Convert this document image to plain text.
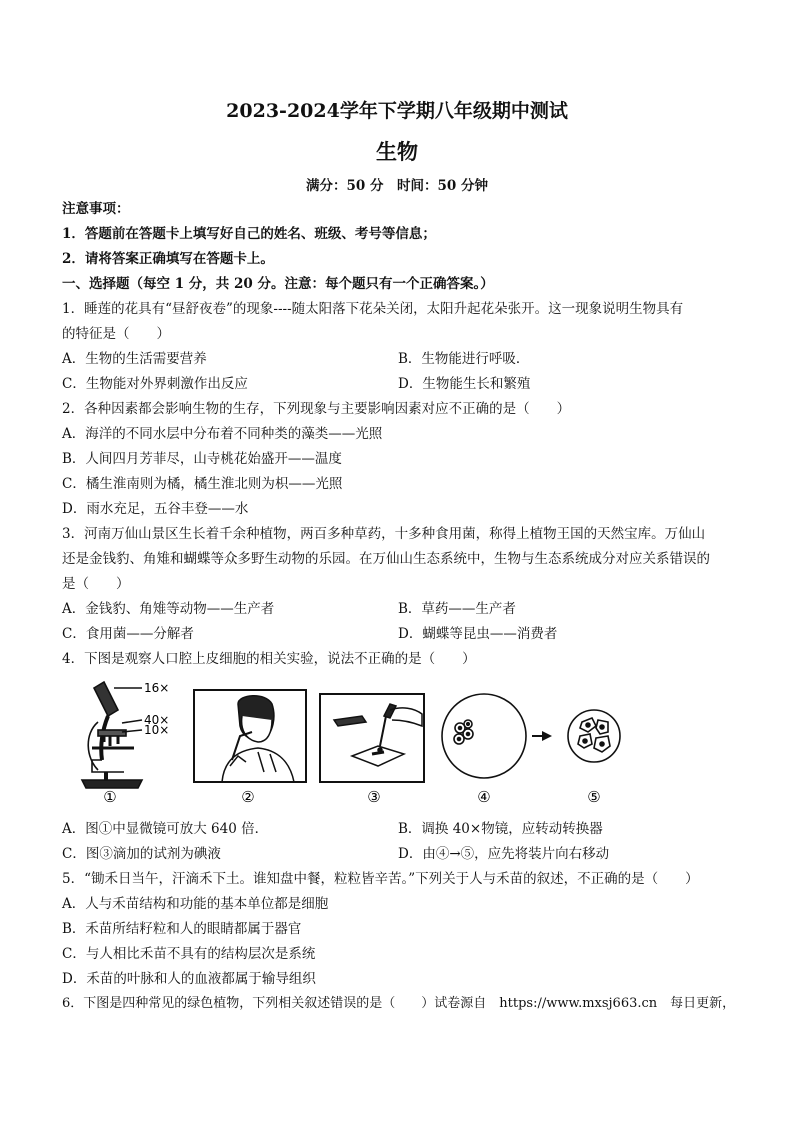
2023-2024学年下学期八年级期中测试
生物
满分：50 分　时间：50 分钟
注意事项：
1．答题前在答题卡上填写好自己的姓名、班级、考号等信息；
2．请将答案正确填写在答题卡上。
一、选择题（每空 1 分，共 20 分。注意：每个题只有一个正确答案。）
1．睡莲的花具有“昼舒夜卷”的现象----随太阳落下花朵关闭，太阳升起花朵张开。这一现象说明生物具有
的特征是（　　）
A．生物的生活需要营养	B．生物能进行呼吸．
C．生物能对外界刺激作出反应	D．生物能生长和繁殖
2．各种因素都会影响生物的生存，下列现象与主要影响因素对应不正确的是（　　）
A．海洋的不同水层中分布着不同种类的藻类——光照
B．人间四月芳菲尽，山寺桃花始盛开——温度
C．橘生淮南则为橘，橘生淮北则为枳——光照
D．雨水充足，五谷丰登——水
3．河南万仙山景区生长着千余种植物，两百多种草药，十多种食用菌，称得上植物王国的天然宝库。万仙山
还是金钱豹、角雉和蝴蝶等众多野生动物的乐园。在万仙山生态系统中，生物与生态系统成分对应关系错误的
是（　　）
A．金钱豹、角雉等动物——生产者	B．草药——生产者
C．食用菌——分解者	D．蝴蝶等昆虫——消费者
4．下图是观察人口腔上皮细胞的相关实验，说法不正确的是（　　）
16×
40×
10×
①	②	③	④	⑤
A．图①中显微镜可放大 640 倍．	B．调换 40×物镜，应转动转换器
C．图③滴加的试剂为碘液	D．由④→⑤，应先将装片向右移动
5．“锄禾日当午，汗滴禾下土。谁知盘中餐，粒粒皆辛苦。”下列关于人与禾苗的叙述，不正确的是（　　）
A．人与禾苗结构和功能的基本单位都是细胞
B．禾苗所结籽粒和人的眼睛都属于器官
C．与人相比禾苗不具有的结构层次是系统
D．禾苗的叶脉和人的血液都属于输导组织
6．下图是四种常见的绿色植物，下列相关叙述错误的是（　　）试卷源自　https://www.mxsj663.cn　每日更新，
